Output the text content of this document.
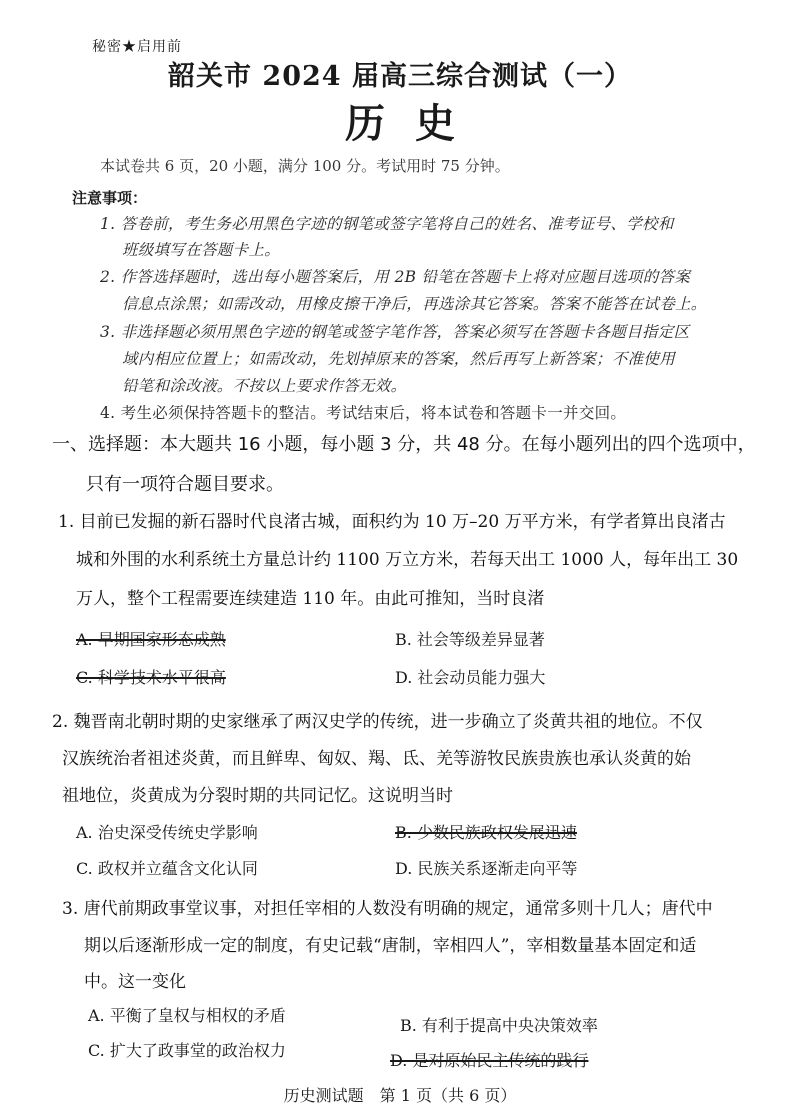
秘密★启用前
韶关市 2024 届高三综合测试（一）
历史
本试卷共 6 页，20 小题，满分 100 分。考试用时 75 分钟。
注意事项：
1. 答卷前，考生务必用黑色字迹的钢笔或签字笔将自己的姓名、准考证号、学校和
班级填写在答题卡上。
2. 作答选择题时，选出每小题答案后，用 2B 铅笔在答题卡上将对应题目选项的答案
信息点涂黑；如需改动，用橡皮擦干净后，再选涂其它答案。答案不能答在试卷上。
3. 非选择题必须用黑色字迹的钢笔或签字笔作答，答案必须写在答题卡各题目指定区
域内相应位置上；如需改动，先划掉原来的答案，然后再写上新答案；不准使用
铅笔和涂改液。不按以上要求作答无效。
4. 考生必须保持答题卡的整洁。考试结束后，将本试卷和答题卡一并交回。
一、选择题：本大题共 16 小题，每小题 3 分，共 48 分。在每小题列出的四个选项中，
只有一项符合题目要求。
1. 目前已发掘的新石器时代良渚古城，面积约为 10 万–20 万平方米，有学者算出良渚古
城和外围的水利系统土方量总计约 1100 万立方米，若每天出工 1000 人，每年出工 30
万人，整个工程需要连续建造 110 年。由此可推知，当时良渚
A. 早期国家形态成熟	B. 社会等级差异显著
C. 科学技术水平很高	D. 社会动员能力强大
2. 魏晋南北朝时期的史家继承了两汉史学的传统，进一步确立了炎黄共祖的地位。不仅
汉族统治者祖述炎黄，而且鲜卑、匈奴、羯、氐、羌等游牧民族贵族也承认炎黄的始
祖地位，炎黄成为分裂时期的共同记忆。这说明当时
A. 治史深受传统史学影响	B. 少数民族政权发展迅速
C. 政权并立蕴含文化认同	D. 民族关系逐渐走向平等
3. 唐代前期政事堂议事，对担任宰相的人数没有明确的规定，通常多则十几人；唐代中
期以后逐渐形成一定的制度，有史记载“唐制，宰相四人”，宰相数量基本固定和适
中。这一变化
A. 平衡了皇权与相权的矛盾
B. 有利于提高中央决策效率
C. 扩大了政事堂的政治权力
D. 是对原始民主传统的践行
历史测试题　第 1 页（共 6 页）
